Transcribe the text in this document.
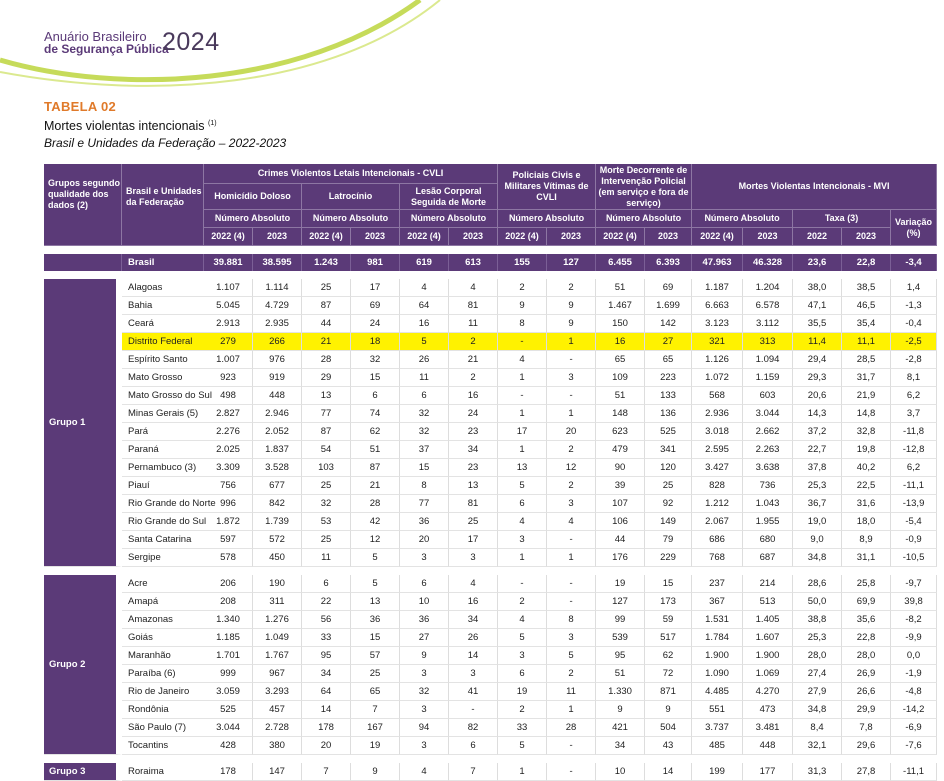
Anuário Brasileiro
de Segurança Pública
2024
TABELA 02
Mortes violentas intencionais $^{(1)}$
Brasil e Unidades da Federação – 2022-2023
Grupos segundo qualidade dos dados (2)	Brasil e Unidades da Federação	Crimes Violentos Letais Intencionais - CVLI						Policiais Civis e Militares Vítimas de CVLI		Morte Decorrente de Intervenção Policial (em serviço e fora de serviço)		Mortes Violentas Intencionais - MVI				
		Homicídio Doloso		Latrocínio		Lesão Corporal Seguida de Morte										
		Número Absoluto		Número Absoluto		Número Absoluto		Número Absoluto		Número Absoluto		Número Absoluto		Taxa (3)		Variação (%)
		2022 (4)	2023	2022 (4)	2023	2022 (4)	2023	2022 (4)	2023	2022 (4)	2023	2022 (4)	2023	2022	2023	

	Brasil	39.881	38.595	1.243	981	619	613	155	127	6.455	6.393	47.963	46.328	23,6	22,8	-3,4

Grupo 1	Alagoas	1.107	1.114	25	17	4	4	2	2	51	69	1.187	1.204	38,0	38,5	1,4
	Bahia	5.045	4.729	87	69	64	81	9	9	1.467	1.699	6.663	6.578	47,1	46,5	-1,3
	Ceará	2.913	2.935	44	24	16	11	8	9	150	142	3.123	3.112	35,5	35,4	-0,4
	Distrito Federal	279	266	21	18	5	2	-	1	16	27	321	313	11,4	11,1	-2,5
	Espírito Santo	1.007	976	28	32	26	21	4	-	65	65	1.126	1.094	29,4	28,5	-2,8
	Mato Grosso	923	919	29	15	11	2	1	3	109	223	1.072	1.159	29,3	31,7	8,1
	Mato Grosso do Sul	498	448	13	6	6	16	-	-	51	133	568	603	20,6	21,9	6,2
	Minas Gerais (5)	2.827	2.946	77	74	32	24	1	1	148	136	2.936	3.044	14,3	14,8	3,7
	Pará	2.276	2.052	87	62	32	23	17	20	623	525	3.018	2.662	37,2	32,8	-11,8
	Paraná	2.025	1.837	54	51	37	34	1	2	479	341	2.595	2.263	22,7	19,8	-12,8
	Pernambuco (3)	3.309	3.528	103	87	15	23	13	12	90	120	3.427	3.638	37,8	40,2	6,2
	Piauí	756	677	25	21	8	13	5	2	39	25	828	736	25,3	22,5	-11,1
	Rio Grande do Norte	996	842	32	28	77	81	6	3	107	92	1.212	1.043	36,7	31,6	-13,9
	Rio Grande do Sul	1.872	1.739	53	42	36	25	4	4	106	149	2.067	1.955	19,0	18,0	-5,4
	Santa Catarina	597	572	25	12	20	17	3	-	44	79	686	680	9,0	8,9	-0,9
	Sergipe	578	450	11	5	3	3	1	1	176	229	768	687	34,8	31,1	-10,5

Grupo 2	Acre	206	190	6	5	6	4	-	-	19	15	237	214	28,6	25,8	-9,7
	Amapá	208	311	22	13	10	16	2	-	127	173	367	513	50,0	69,9	39,8
	Amazonas	1.340	1.276	56	36	36	34	4	8	99	59	1.531	1.405	38,8	35,6	-8,2
	Goiás	1.185	1.049	33	15	27	26	5	3	539	517	1.784	1.607	25,3	22,8	-9,9
	Maranhão	1.701	1.767	95	57	9	14	3	5	95	62	1.900	1.900	28,0	28,0	0,0
	Paraíba (6)	999	967	34	25	3	3	6	2	51	72	1.090	1.069	27,4	26,9	-1,9
	Rio de Janeiro	3.059	3.293	64	65	32	41	19	11	1.330	871	4.485	4.270	27,9	26,6	-4,8
	Rondônia	525	457	14	7	3	-	2	1	9	9	551	473	34,8	29,9	-14,2
	São Paulo (7)	3.044	2.728	178	167	94	82	33	28	421	504	3.737	3.481	8,4	7,8	-6,9
	Tocantins	428	380	20	19	3	6	5	-	34	43	485	448	32,1	29,6	-7,6

Grupo 3	Roraima	178	147	7	9	4	7	1	-	10	14	199	177	31,3	27,8	-11,1
